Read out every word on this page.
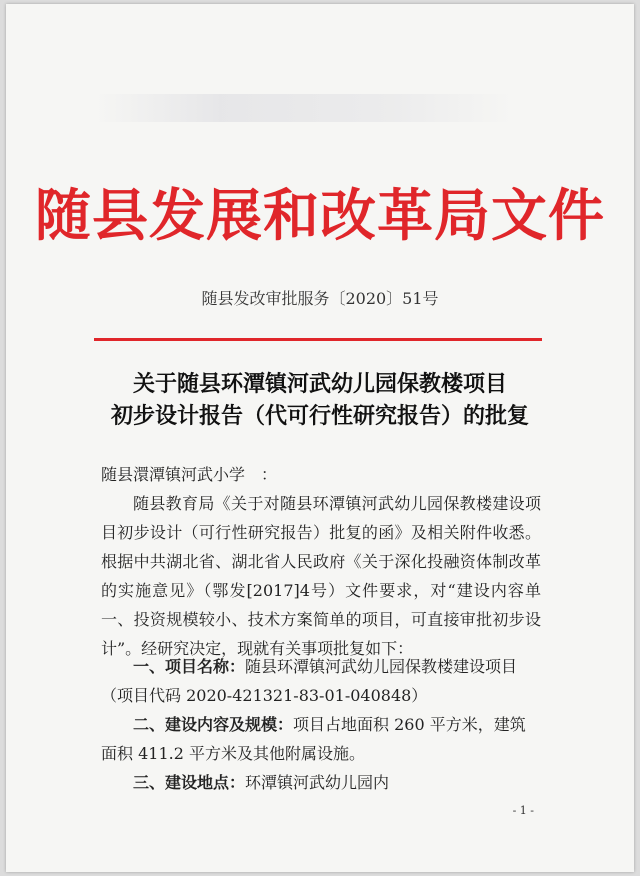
随县发展和改革局文件
随县发改审批服务〔2020〕51号
关于随县环潭镇河武幼儿园保教楼项目
初步设计报告（代可行性研究报告）的批复
随县澴潭镇河武小学　：
随县教育局《关于对随县环潭镇河武幼儿园保教楼建设项目初步设计（可行性研究报告）批复的函》及相关附件收悉。根据中共湖北省、湖北省人民政府《关于深化投融资体制改革的实施意见》（鄂发[2017]4号）文件要求，对“建设内容单一、投资规模较小、技术方案简单的项目，可直接审批初步设计”。经研究决定，现就有关事项批复如下：
一、项目名称：随县环潭镇河武幼儿园保教楼建设项目（项目代码 2020-421321-83-01-040848）
二、建设内容及规模：项目占地面积 260 平方米，建筑面积 411.2 平方米及其他附属设施。
三、建设地点：环潭镇河武幼儿园内
- 1 -
